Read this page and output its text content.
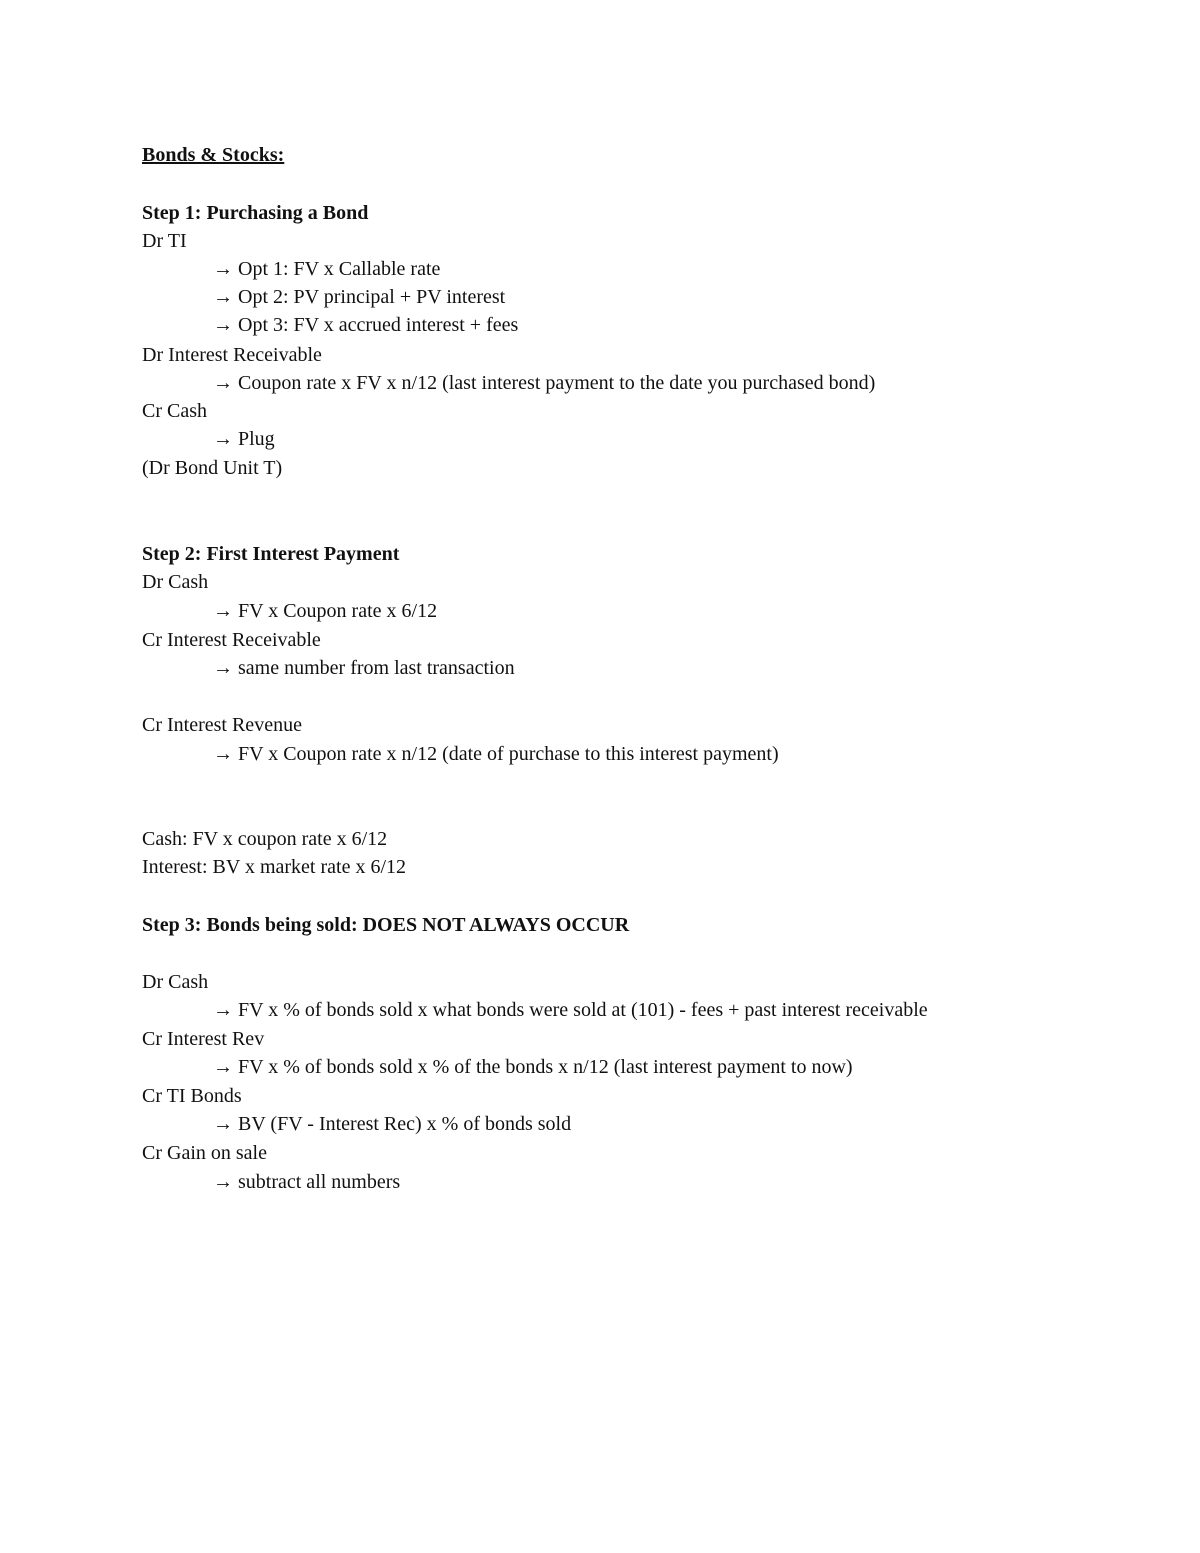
Bonds & Stocks:
Step 1: Purchasing a Bond
Dr TI
→ Opt 1: FV x Callable rate
→ Opt 2: PV principal + PV interest
→ Opt 3: FV x accrued interest + fees
Dr Interest Receivable
→ Coupon rate x FV x n/12 (last interest payment to the date you purchased bond)
Cr Cash
→ Plug
(Dr Bond Unit T)
Step 2: First Interest Payment
Dr Cash
→ FV x Coupon rate x 6/12
Cr Interest Receivable
→ same number from last transaction
Cr Interest Revenue
→ FV x Coupon rate x n/12 (date of purchase to this interest payment)
Cash: FV x coupon rate x 6/12
Interest: BV x market rate x 6/12
Step 3: Bonds being sold: DOES NOT ALWAYS OCCUR
Dr Cash
→ FV x % of bonds sold x what bonds were sold at (101) - fees + past interest receivable
Cr Interest Rev
→ FV x % of bonds sold x % of the bonds x n/12 (last interest payment to now)
Cr TI Bonds
→ BV (FV - Interest Rec) x % of bonds sold
Cr Gain on sale
→ subtract all numbers
